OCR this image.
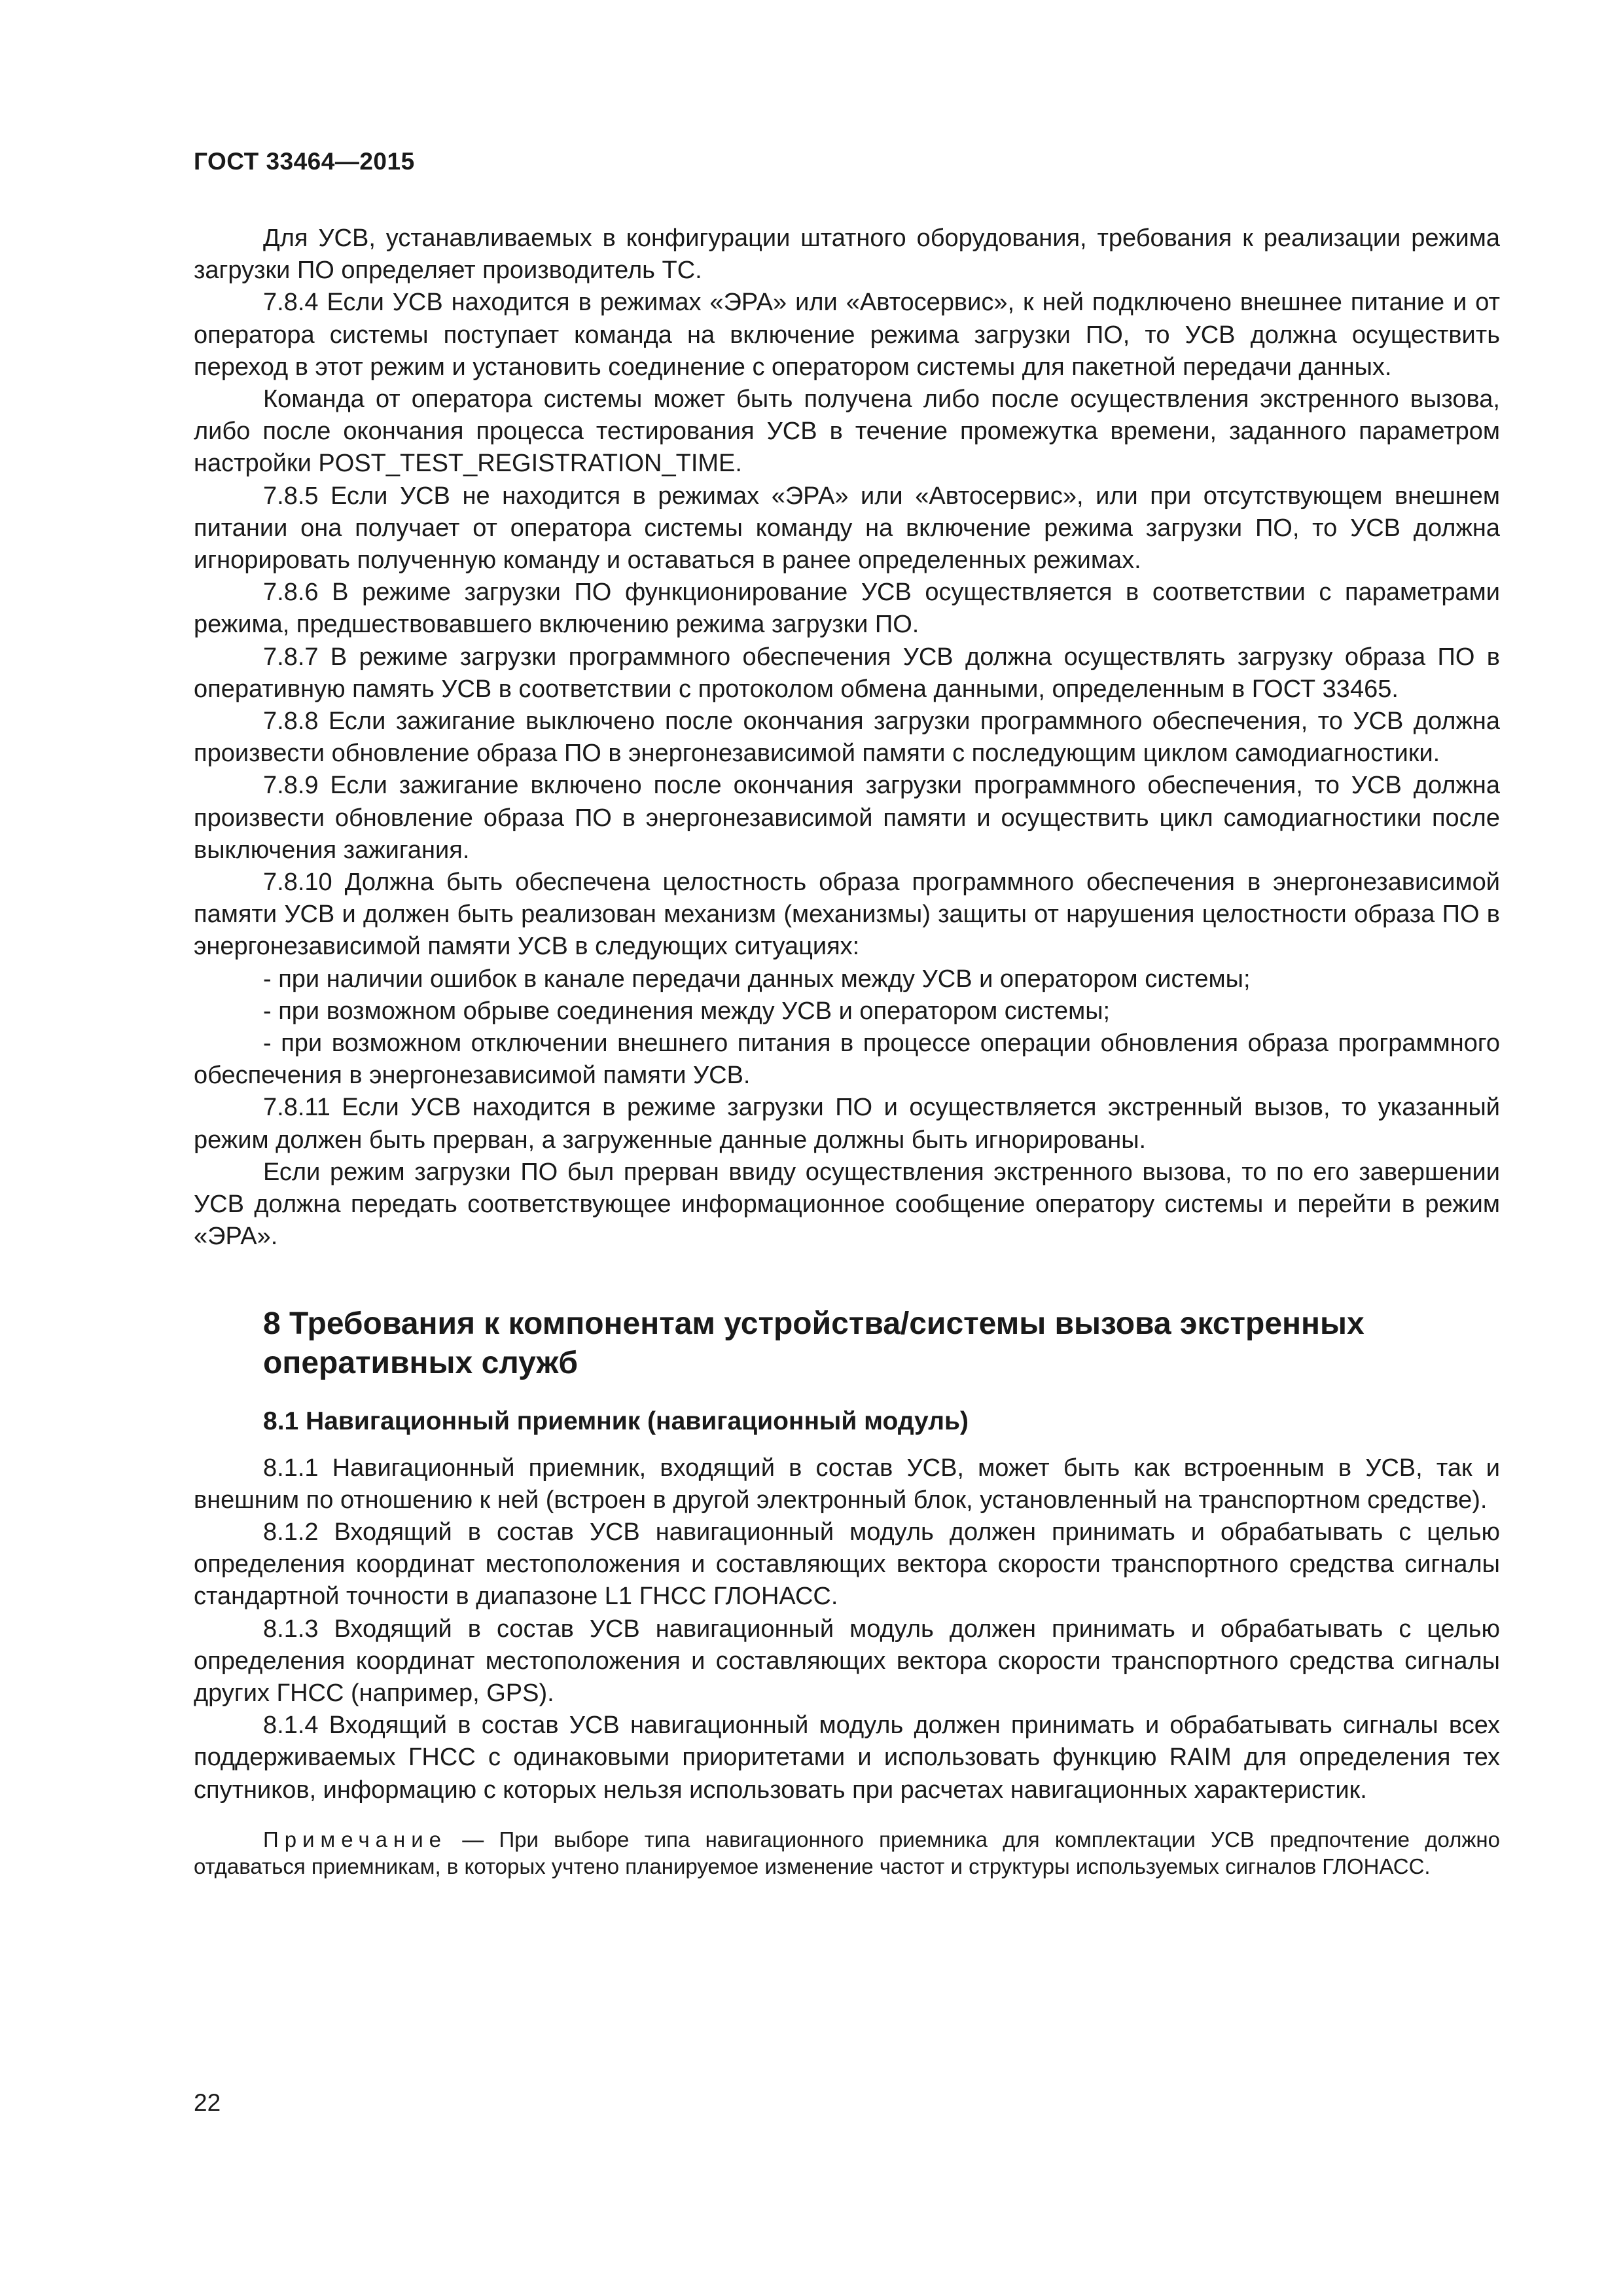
ГОСТ 33464—2015

Для УСВ, устанавливаемых в конфигурации штатного оборудования, требования к реализации режима загрузки ПО определяет производитель ТС.

7.8.4 Если УСВ находится в режимах «ЭРА» или «Автосервис», к ней подключено внешнее питание и от оператора системы поступает команда на включение режима загрузки ПО, то УСВ должна осуществить переход в этот режим и установить соединение с оператором системы для пакетной передачи данных.

Команда от оператора системы может быть получена либо после осуществления экстренного вызова, либо после окончания процесса тестирования УСВ в течение промежутка времени, заданного параметром настройки POST_TEST_REGISTRATION_TIME.

7.8.5 Если УСВ не находится в режимах «ЭРА» или «Автосервис», или при отсутствующем внешнем питании она получает от оператора системы команду на включение режима загрузки ПО, то УСВ должна игнорировать полученную команду и оставаться в ранее определенных режимах.

7.8.6 В режиме загрузки ПО функционирование УСВ осуществляется в соответствии с параметрами режима, предшествовавшего включению режима загрузки ПО.

7.8.7 В режиме загрузки программного обеспечения УСВ должна осуществлять загрузку образа ПО в оперативную память УСВ в соответствии с протоколом обмена данными, определенным в ГОСТ 33465.

7.8.8 Если зажигание выключено после окончания загрузки программного обеспечения, то УСВ должна произвести обновление образа ПО в энергонезависимой памяти с последующим циклом самодиагностики.

7.8.9 Если зажигание включено после окончания загрузки программного обеспечения, то УСВ должна произвести обновление образа ПО в энергонезависимой памяти и осуществить цикл самодиагностики после выключения зажигания.

7.8.10 Должна быть обеспечена целостность образа программного обеспечения в энергонезависимой памяти УСВ и должен быть реализован механизм (механизмы) защиты от нарушения целостности образа ПО в энергонезависимой памяти УСВ в следующих ситуациях:

- при наличии ошибок в канале передачи данных между УСВ и оператором системы;

- при возможном обрыве соединения между УСВ и оператором системы;

- при возможном отключении внешнего питания в процессе операции обновления образа программного обеспечения в энергонезависимой памяти УСВ.

7.8.11 Если УСВ находится в режиме загрузки ПО и осуществляется экстренный вызов, то указанный режим должен быть прерван, а загруженные данные должны быть игнорированы.

Если режим загрузки ПО был прерван ввиду осуществления экстренного вызова, то по его завершении УСВ должна передать соответствующее информационное сообщение оператору системы и перейти в режим «ЭРА».

8 Требования к компонентам устройства/системы вызова экстренных оперативных служб
8.1 Навигационный приемник (навигационный модуль)

8.1.1 Навигационный приемник, входящий в состав УСВ, может быть как встроенным в УСВ, так и внешним по отношению к ней (встроен в другой электронный блок, установленный на транспортном средстве).

8.1.2 Входящий в состав УСВ навигационный модуль должен принимать и обрабатывать с целью определения координат местоположения и составляющих вектора скорости транспортного средства сигналы стандартной точности в диапазоне L1 ГНСС ГЛОНАСС.

8.1.3 Входящий в состав УСВ навигационный модуль должен принимать и обрабатывать с целью определения координат местоположения и составляющих вектора скорости транспортного средства сигналы других ГНСС (например, GPS).

8.1.4 Входящий в состав УСВ навигационный модуль должен принимать и обрабатывать сигналы всех поддерживаемых ГНСС с одинаковыми приоритетами и использовать функцию RAIM для определения тех спутников, информацию с которых нельзя использовать при расчетах навигационных характеристик.

Примечание — При выборе типа навигационного приемника для комплектации УСВ предпочтение должно отдаваться приемникам, в которых учтено планируемое изменение частот и структуры используемых сигналов ГЛОНАСС.

22
